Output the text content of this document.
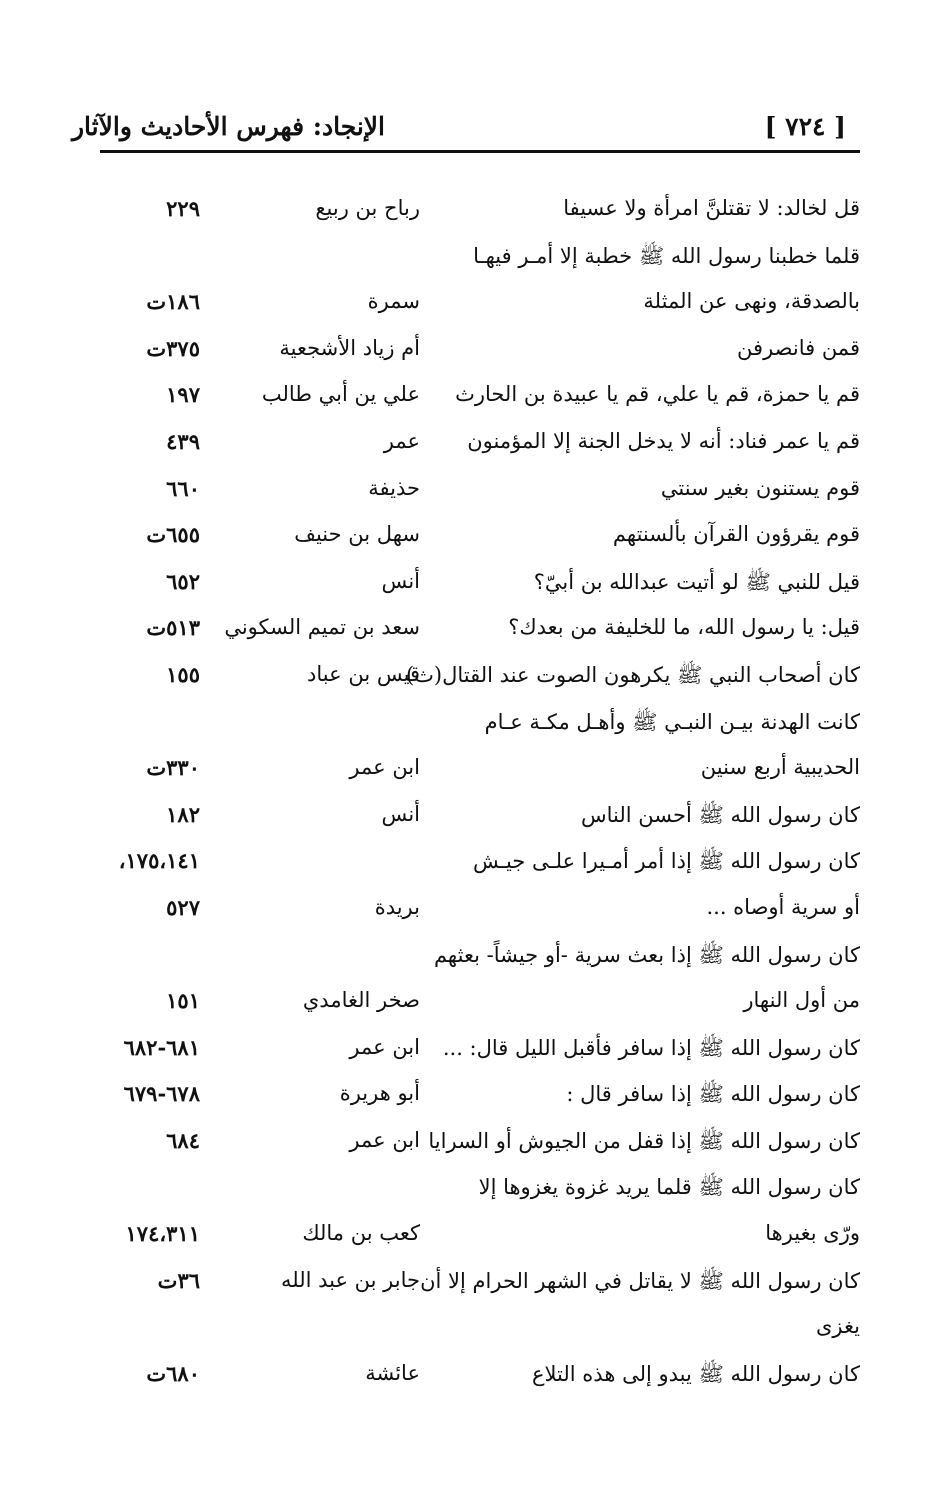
الإنجاد: فهرس الأحاديث والآثار	[ ٧٢٤ ]
قل لخالد: لا تقتلنَّ امرأة ولا عسيفا
رباح بن ربيع
٢٢٩
قلما خطبنا رسول الله ﷺ خطبة إلا أمـر فيهـا
بالصدقة، ونهى عن المثلة
سمرة
١٨٦ت
قمن فانصرفن
أم زياد الأشجعية
٣٧٥ت
قم يا حمزة، قم يا علي، قم يا عبيدة بن الحارث
علي ين أبي طالب
١٩٧
قم يا عمر فناد: أنه لا يدخل الجنة إلا المؤمنون
عمر
٤٣٩
قوم يستنون بغير سنتي
حذيفة
٦٦٠
قوم يقرؤون القرآن بألسنتهم
سهل بن حنيف
٦٥٥ت
قيل للنبي ﷺ لو أتيت عبدالله بن أبيّ؟
أنس
٦٥٢
قيل: يا رسول الله، ما للخليفة من بعدك؟
سعد بن تميم السكوني
٥١٣ت
كان أصحاب النبي ﷺ يكرهون الصوت عند القتال(ث)
قيس بن عباد
١٥٥
كانت الهدنة بيـن النبـي ﷺ وأهـل مكـة عـام
الحديبية أربع سنين
ابن عمر
٣٣٠ت
كان رسول الله ﷺ أحسن الناس
أنس
١٨٢
كان رسول الله ﷺ إذا أمر أمـيرا علـى جيـش
١٧٥،١٤١،
أو سرية أوصاه ...
بريدة
٥٢٧
كان رسول الله ﷺ إذا بعث سرية -أو جيشاً- بعثهم
من أول النهار
صخر الغامدي
١٥١
كان رسول الله ﷺ إذا سافر فأقبل الليل قال: ...
ابن عمر
٦٨١-٦٨٢
كان رسول الله ﷺ إذا سافر قال :
أبو هريرة
٦٧٨-٦٧٩
كان رسول الله ﷺ إذا قفل من الجيوش أو السرايا
ابن عمر
٦٨٤
كان رسول الله ﷺ قلما يريد غزوة يغزوها إلا
ورّى بغيرها
كعب بن مالك
١٧٤،٣١١
كان رسول الله ﷺ لا يقاتل في الشهر الحرام إلا أن
جابر بن عبد الله
٣٦ت
يغزى
كان رسول الله ﷺ يبدو إلى هذه التلاع
عائشة
٦٨٠ت
